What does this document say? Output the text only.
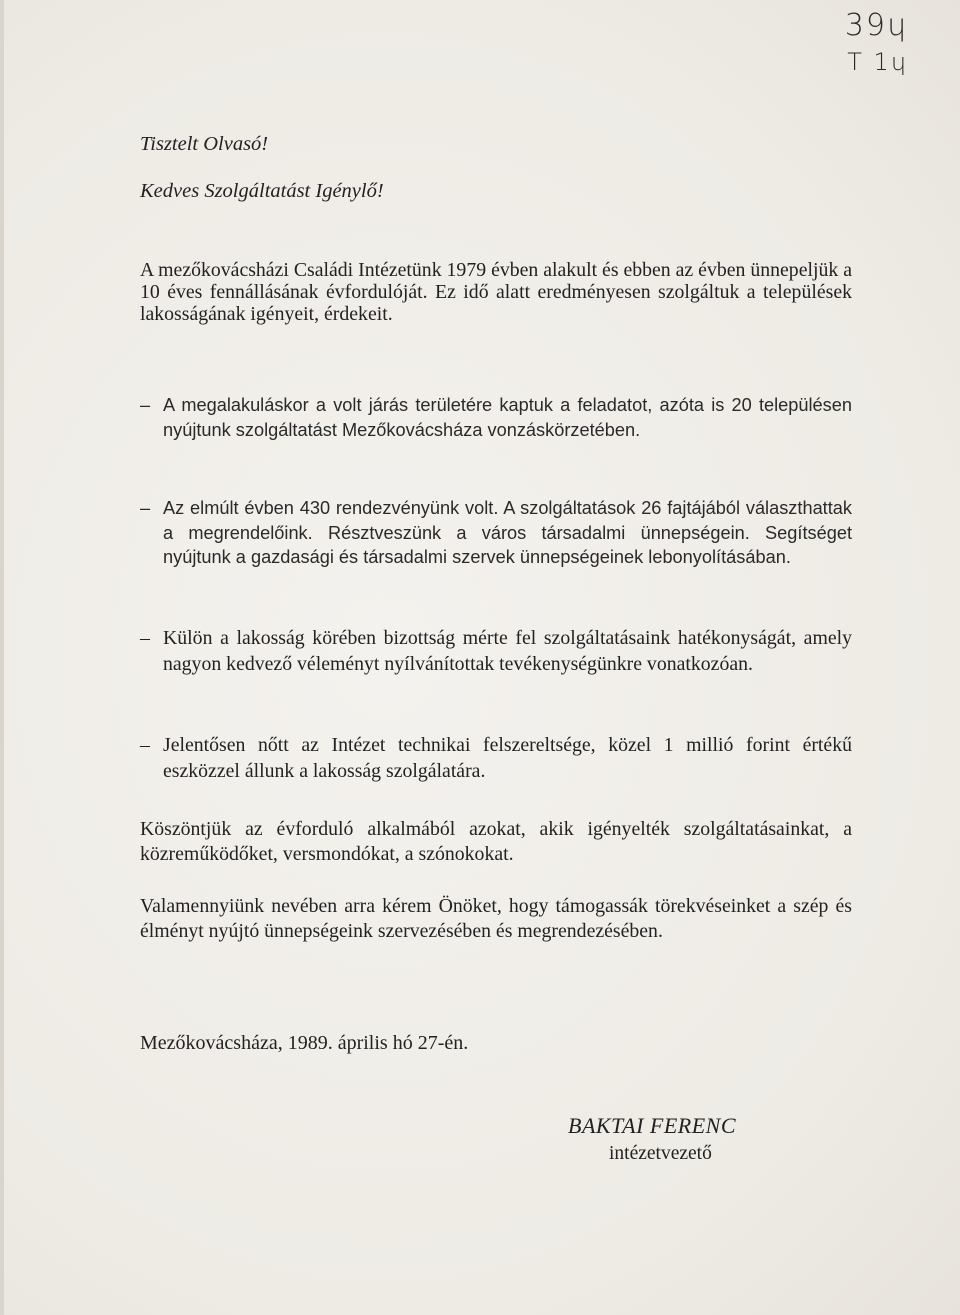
39ɥ
T 1ɥ
Tisztelt Olvasó!
Kedves Szolgáltatást Igénylő!
A mezőkovácsházi Családi Intézetünk 1979 évben alakult és ebben az évben ünnepeljük a 10 éves fennállásának évfordulóját. Ez idő alatt eredményesen szolgáltuk a települések lakosságának igényeit, érdekeit.
– A megalakuláskor a volt járás területére kaptuk a feladatot, azóta is 20 településen nyújtunk szolgáltatást Mezőkovácsháza vonzáskörzetében.
– Az elmúlt évben 430 rendezvényünk volt. A szolgáltatások 26 fajtájából választhattak a megrendelőink. Résztveszünk a város társadalmi ünnepségein. Segítséget nyújtunk a gazdasági és társadalmi szervek ünnepségeinek lebonyolításában.
– Külön a lakosság körében bizottság mérte fel szolgáltatásaink hatékonyságát, amely nagyon kedvező véleményt nyílvánítottak tevékenységünkre vonatkozóan.
– Jelentősen nőtt az Intézet technikai felszereltsége, közel 1 millió forint értékű eszközzel állunk a lakosság szolgálatára.
Köszöntjük az évforduló alkalmából azokat, akik igényelték szolgáltatásainkat, a közreműködőket, versmondókat, a szónokokat.
Valamennyiünk nevében arra kérem Önöket, hogy támogassák törekvéseinket a szép és élményt nyújtó ünnepségeink szervezésében és megrendezésében.
Mezőkovácsháza, 1989. április hó 27-én.
BAKTAI FERENC
intézetvezető
